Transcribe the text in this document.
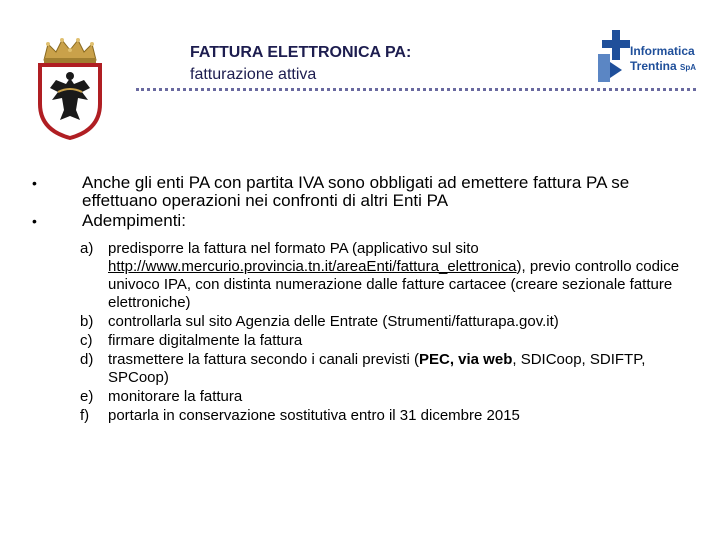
FATTURA ELETTRONICA PA:
fatturazione attiva
Informatica
Trentina SpA
•	Anche gli enti PA con partita IVA sono obbligati ad emettere fattura PA se effettuano operazioni nei confronti di altri Enti PA
•	Adempimenti:
a) predisporre la fattura nel formato PA (applicativo sul sito http://www.mercurio.provincia.tn.it/areaEnti/fattura_elettronica), previo controllo codice univoco IPA, con distinta numerazione dalle fatture cartacee (creare sezionale fatture elettroniche)
b) controllarla sul sito Agenzia delle Entrate (Strumenti/fatturapa.gov.it)
c)	firmare digitalmente la fattura
d) trasmettere la fattura secondo i canali previsti (PEC, via web, SDICoop, SDIFTP, SPCoop)
e) monitorare la fattura
f)	portarla in conservazione sostitutiva entro il 31 dicembre 2015
